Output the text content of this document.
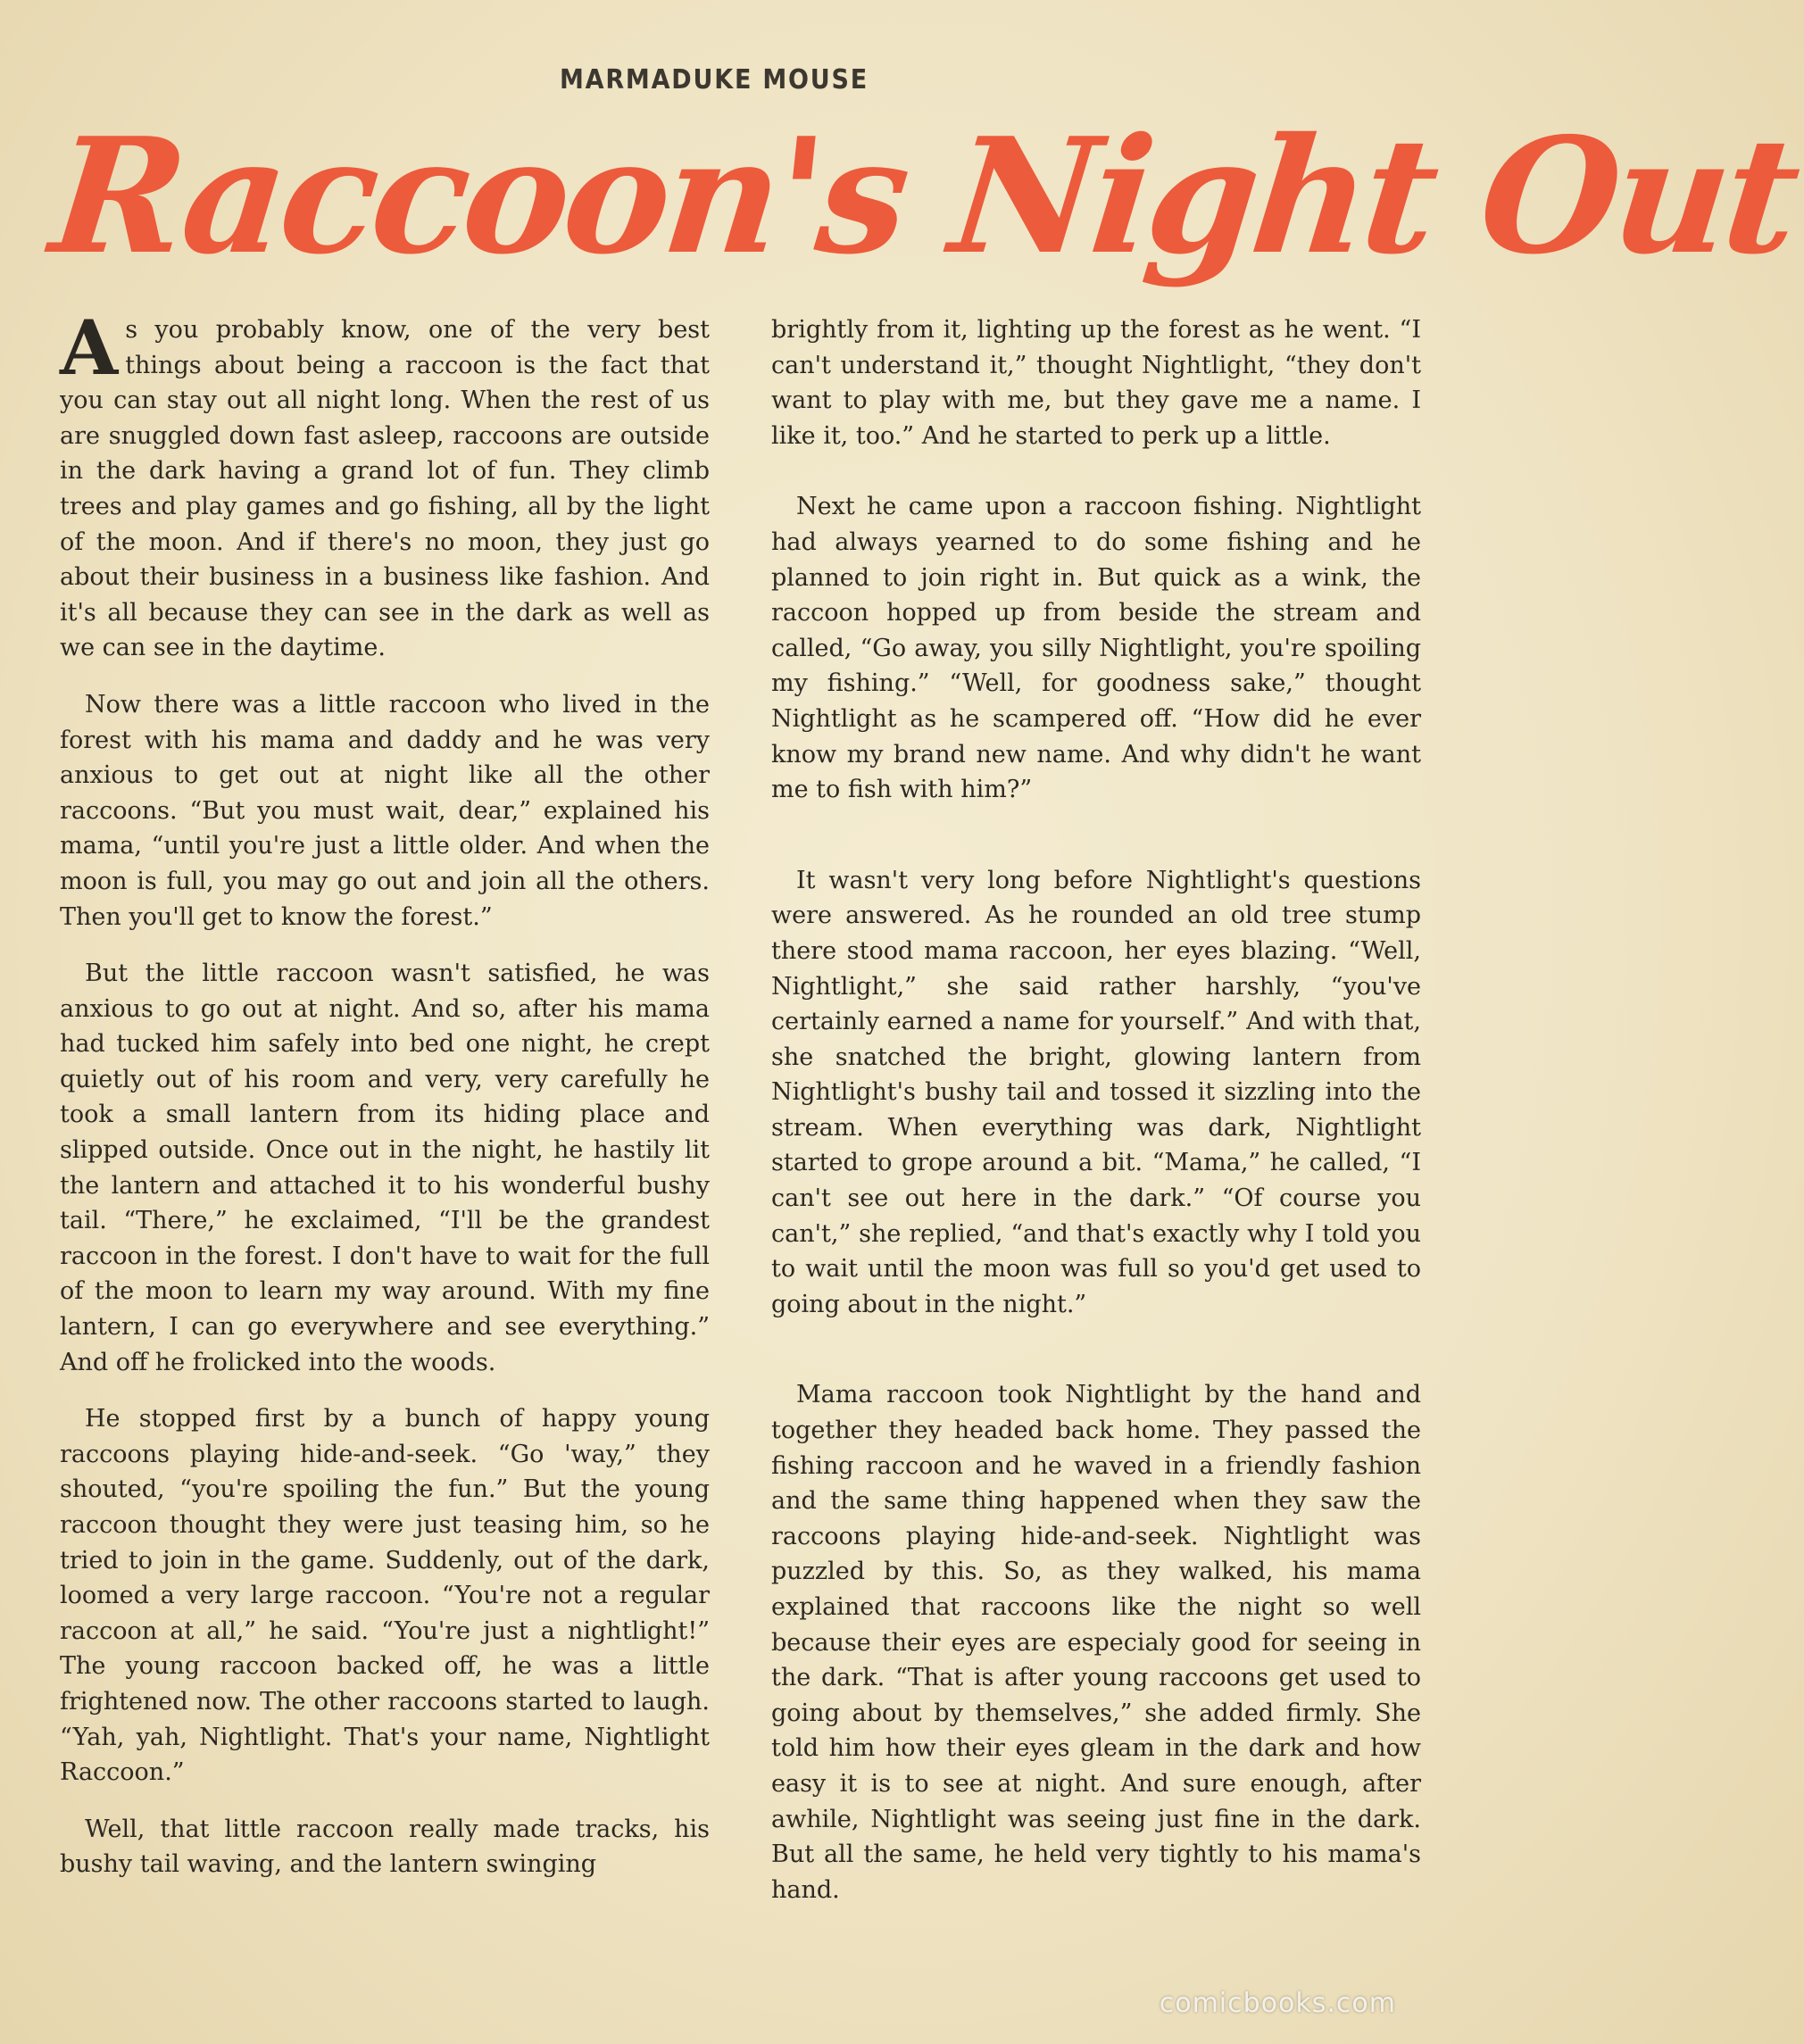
MARMADUKE MOUSE
Raccoon's Night Out

As you probably know, one of the very best things about being a raccoon is the fact that you can stay out all night long. When the rest of us are snuggled down fast asleep, raccoons are outside in the dark having a grand lot of fun. They climb trees and play games and go fishing, all by the light of the moon. And if there's no moon, they just go about their business in a business like fashion. And it's all because they can see in the dark as well as we can see in the daytime.

Now there was a little raccoon who lived in the forest with his mama and daddy and he was very anxious to get out at night like all the other raccoons. “But you must wait, dear,” explained his mama, “until you're just a little older. And when the moon is full, you may go out and join all the others. Then you'll get to know the forest.”

But the little raccoon wasn't satisfied, he was anxious to go out at night. And so, after his mama had tucked him safely into bed one night, he crept quietly out of his room and very, very carefully he took a small lantern from its hiding place and slipped outside. Once out in the night, he hastily lit the lantern and attached it to his wonderful bushy tail. “There,” he exclaimed, “I'll be the grandest raccoon in the forest. I don't have to wait for the full of the moon to learn my way around. With my fine lantern, I can go everywhere and see everything.” And off he frolicked into the woods.

He stopped first by a bunch of happy young raccoons playing hide-and-seek. “Go 'way,” they shouted, “you're spoiling the fun.” But the young raccoon thought they were just teasing him, so he tried to join in the game. Suddenly, out of the dark, loomed a very large raccoon. “You're not a regular raccoon at all,” he said. “You're just a nightlight!” The young raccoon backed off, he was a little frightened now. The other raccoons started to laugh. “Yah, yah, Nightlight. That's your name, Nightlight Raccoon.”

Well, that little raccoon really made tracks, his bushy tail waving, and the lantern swinging

brightly from it, lighting up the forest as he went. “I can't understand it,” thought Nightlight, “they don't want to play with me, but they gave me a name. I like it, too.” And he started to perk up a little.

Next he came upon a raccoon fishing. Nightlight had always yearned to do some fishing and he planned to join right in. But quick as a wink, the raccoon hopped up from beside the stream and called, “Go away, you silly Nightlight, you're spoiling my fishing.” “Well, for goodness sake,” thought Nightlight as he scampered off. “How did he ever know my brand new name. And why didn't he want me to fish with him?”

It wasn't very long before Nightlight's questions were answered. As he rounded an old tree stump there stood mama raccoon, her eyes blazing. “Well, Nightlight,” she said rather harshly, “you've certainly earned a name for yourself.” And with that, she snatched the bright, glowing lantern from Nightlight's bushy tail and tossed it sizzling into the stream. When everything was dark, Nightlight started to grope around a bit. “Mama,” he called, “I can't see out here in the dark.” “Of course you can't,” she replied, “and that's exactly why I told you to wait until the moon was full so you'd get used to going about in the night.”

Mama raccoon took Nightlight by the hand and together they headed back home. They passed the fishing raccoon and he waved in a friendly fashion and the same thing happened when they saw the raccoons playing hide-and-seek. Nightlight was puzzled by this. So, as they walked, his mama explained that raccoons like the night so well because their eyes are especialy good for seeing in the dark. “That is after young raccoons get used to going about by themselves,” she added firmly. She told him how their eyes gleam in the dark and how easy it is to see at night. And sure enough, after awhile, Nightlight was seeing just fine in the dark. But all the same, he held very tightly to his mama's hand.

comicbooks.com
